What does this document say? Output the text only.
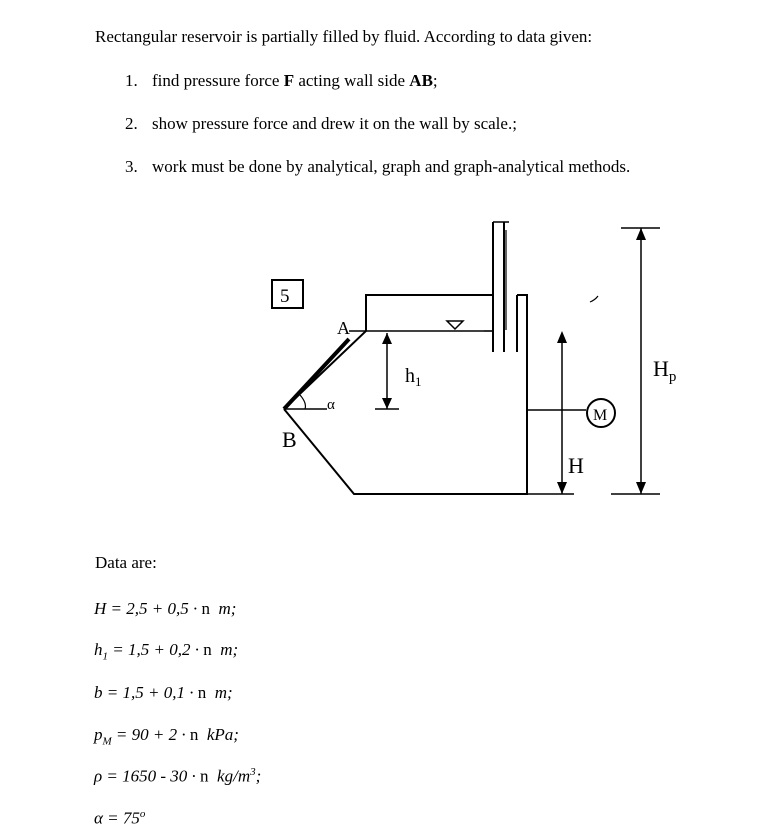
Rectangular reservoir is partially filled by fluid. According to data given:
1. find pressure force F acting wall side AB;
2. show pressure force and drew it on the wall by scale.;
3. work must be done by analytical, graph and graph-analytical methods.
5
A
B
α
M
$h_1$
H
$H_p$
Data are:
H = 2,5 + 0,5 · n  m;
$h_1 = 1,5 + 0,2 \cdot n$  m;
b = 1,5 + 0,1 · n  m;
$p_M = 90 + 2 \cdot n$  kPa;
ρ = 1650 - 30 · n  $kg/m^3$;
$\alpha = 75^o$
